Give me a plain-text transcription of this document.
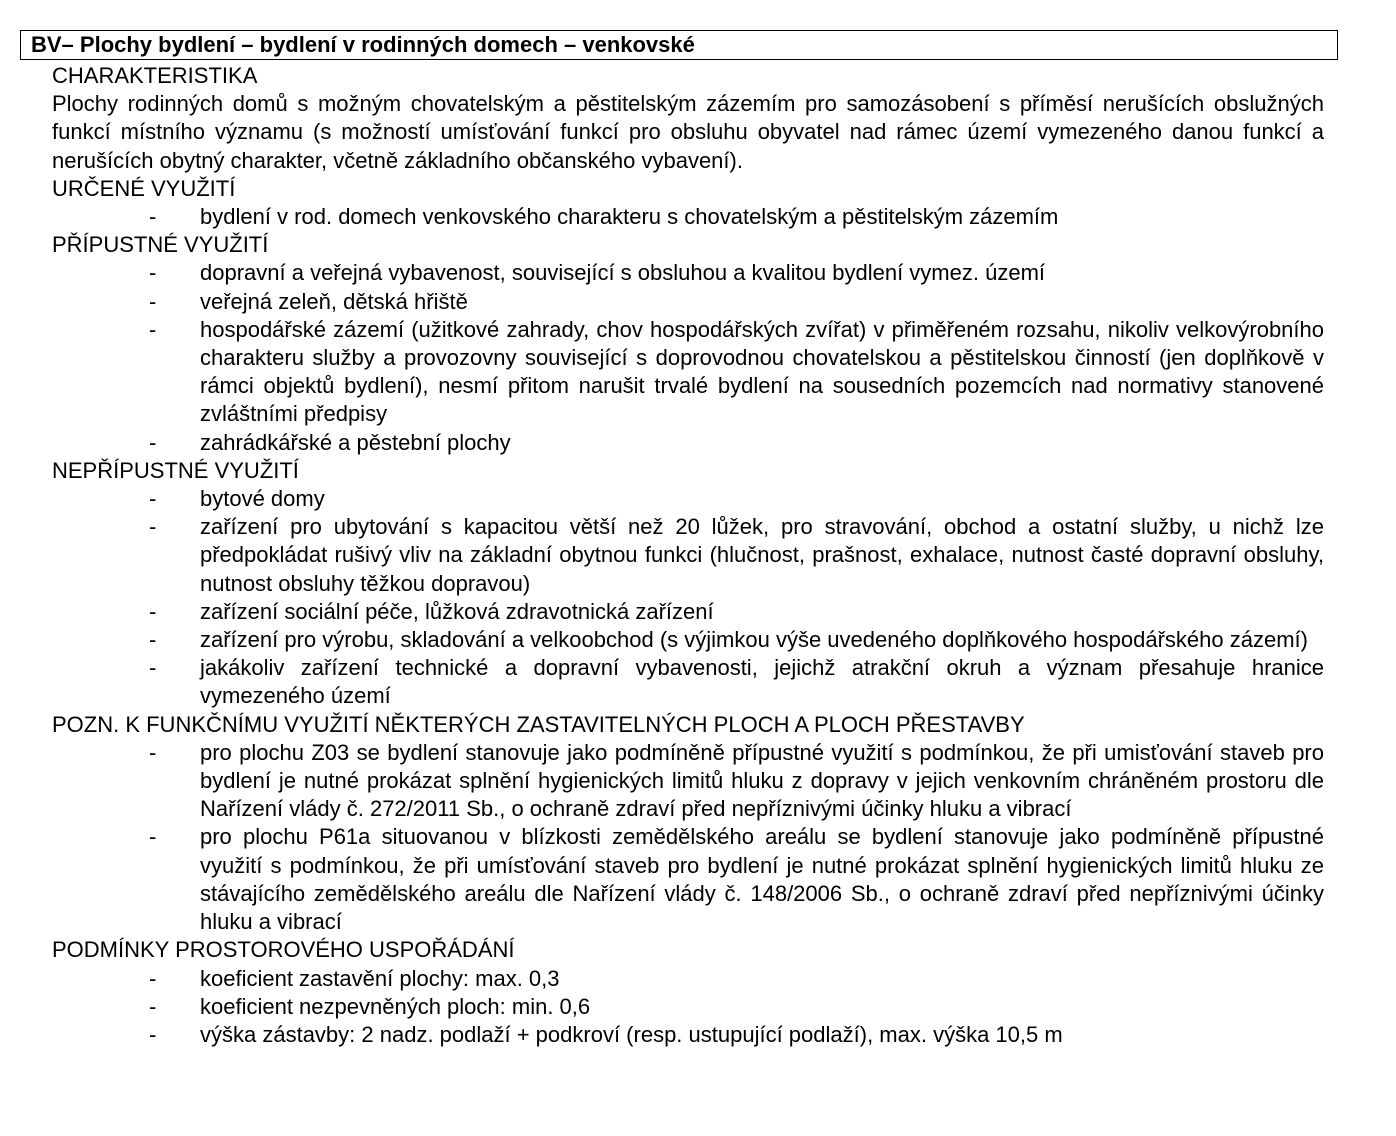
BV– Plochy bydlení – bydlení v rodinných domech – venkovské
CHARAKTERISTIKA

Plochy rodinných domů s možným chovatelským a pěstitelským zázemím pro samozásobení s příměsí nerušících obslužných funkcí místního významu (s možností umísťování funkcí pro obsluhu obyvatel nad rámec území vymezeného danou funkcí a nerušících obytný charakter, včetně základního občanského vybavení).

URČENÉ VYUŽITÍ
- bydlení v rod. domech venkovského charakteru s chovatelským a pěstitelským zázemím
PŘÍPUSTNÉ VYUŽITÍ
- dopravní a veřejná vybavenost, související s obsluhou a kvalitou bydlení vymez. území
- veřejná zeleň, dětská hřiště
- hospodářské zázemí (užitkové zahrady, chov hospodářských zvířat) v přiměřeném rozsahu, nikoliv velkovýrobního charakteru služby a provozovny související s doprovodnou chovatelskou a pěstitelskou činností (jen doplňkově v rámci objektů bydlení), nesmí přitom narušit trvalé bydlení na sousedních pozemcích nad normativy stanovené zvláštními předpisy
- zahrádkářské a pěstební plochy
NEPŘÍPUSTNÉ VYUŽITÍ
- bytové domy
- zařízení pro ubytování s kapacitou větší než 20 lůžek, pro stravování, obchod a ostatní služby, u nichž lze předpokládat rušivý vliv na základní obytnou funkci (hlučnost, prašnost, exhalace, nutnost časté dopravní obsluhy, nutnost obsluhy těžkou dopravou)
- zařízení sociální péče, lůžková zdravotnická zařízení
- zařízení pro výrobu, skladování a velkoobchod (s výjimkou výše uvedeného doplňkového hospodářského zázemí)
- jakákoliv zařízení technické a dopravní vybavenosti, jejichž atrakční okruh a význam přesahuje hranice vymezeného území
POZN. K FUNKČNÍMU VYUŽITÍ NĚKTERÝCH ZASTAVITELNÝCH PLOCH A PLOCH PŘESTAVBY
- pro plochu Z03 se bydlení stanovuje jako podmíněně přípustné využití s podmínkou, že při umisťování staveb pro bydlení je nutné prokázat splnění hygienických limitů hluku z dopravy v jejich venkovním chráněném prostoru dle Nařízení vlády č. 272/2011 Sb., o ochraně zdraví před nepříznivými účinky hluku a vibrací
- pro plochu P61a situovanou v blízkosti zemědělského areálu se bydlení stanovuje jako podmíněně přípustné využití s podmínkou, že při umísťování staveb pro bydlení je nutné prokázat splnění hygienických limitů hluku ze stávajícího zemědělského areálu dle Nařízení vlády č. 148/2006 Sb., o ochraně zdraví před nepříznivými účinky hluku a vibrací
PODMÍNKY PROSTOROVÉHO USPOŘÁDÁNÍ
- koeficient zastavění plochy: max. 0,3
- koeficient nezpevněných ploch: min. 0,6
- výška zástavby: 2 nadz. podlaží + podkroví (resp. ustupující podlaží), max. výška 10,5 m
